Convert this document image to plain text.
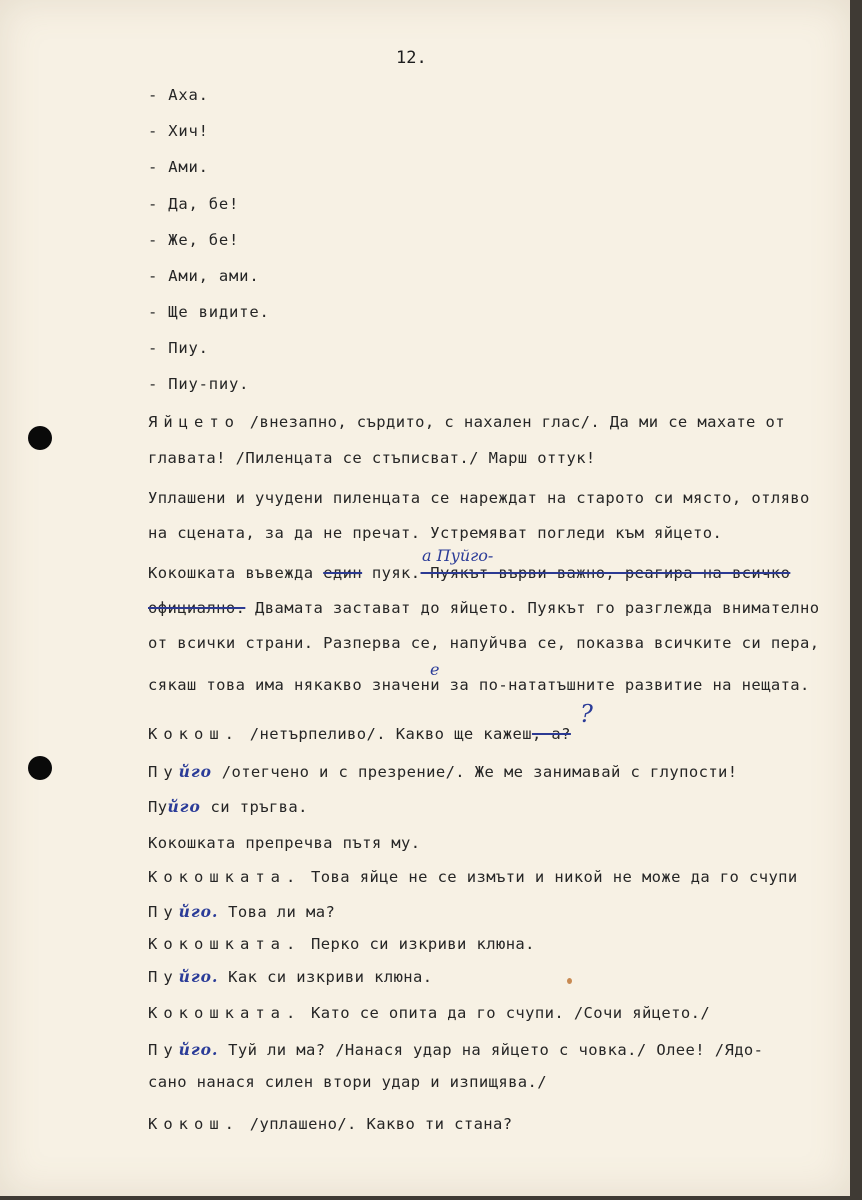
12.
- Аха.
- Хич!
- Ами.
- Да, бе!
- Же, бе!
- Ами, ами.
- Ще видите.
- Пиу.
- Пиу-пиу.
Яйцето /внезапно, сърдито, с нахален глас/. Да ми се махате от
главата! /Пиленцата се стъписват./ Марш оттук!
Уплашени и учудени пиленцата се нареждат на старото си място, отляво
на сцената, за да не пречат. Устремяват погледи към яйцето.
а Пуйго-
Кокошката въвежда един пуяк. Пуякът върви важно, реагира на всичко
официално. Двамата застават до яйцето. Пуякът го разглежда внимателно
от всички страни. Разперва се, напуйчва се, показва всичките си пера,
е
сякаш това има някакво значени за по-нататъшните развитие на нещата.
?
Кокош. /нетърпеливо/. Какво ще кажеш, а?
Пуйго /отегчено и с презрение/. Же ме занимавай с глупости!
Пуйго си тръгва.
Кокошката препречва пътя му.
Кокошката. Това яйце не се измъти и никой не може да го счупи
Пуйго. Това ли ма?
Кокошката. Перко си изкриви клюна.
Пуйго. Как си изкриви клюна.
Кокошката. Като се опита да го счупи. /Сочи яйцето./
Пуйго. Туй ли ма? /Нанася удар на яйцето с човка./ Олее! /Ядо-
сано нанася силен втори удар и изпищява./
Кокош. /уплашено/. Какво ти стана?
